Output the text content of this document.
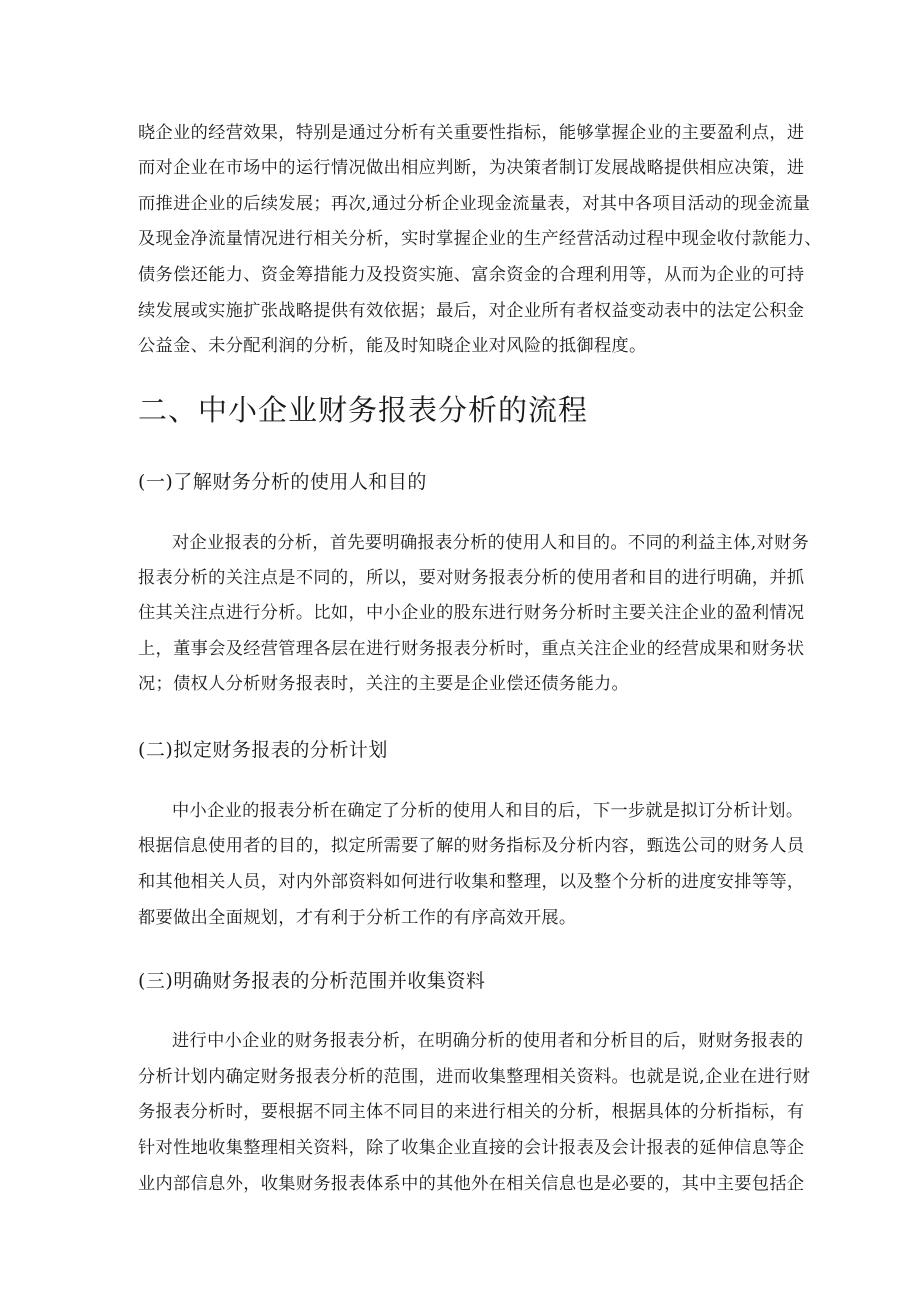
晓企业的经营效果，特别是通过分析有关重要性指标，能够掌握企业的主要盈利点，进
而对企业在市场中的运行情况做出相应判断，为决策者制订发展战略提供相应决策，进
而推进企业的后续发展；再次,通过分析企业现金流量表，对其中各项目活动的现金流量
及现金净流量情况进行相关分析，实时掌握企业的生产经营活动过程中现金收付款能力、
债务偿还能力、资金筹措能力及投资实施、富余资金的合理利用等，从而为企业的可持
续发展或实施扩张战略提供有效依据；最后，对企业所有者权益变动表中的法定公积金
公益金、未分配利润的分析，能及时知晓企业对风险的抵御程度。
二、中小企业财务报表分析的流程
(一)了解财务分析的使用人和目的
对企业报表的分析，首先要明确报表分析的使用人和目的。不同的利益主体,对财务
报表分析的关注点是不同的，所以，要对财务报表分析的使用者和目的进行明确，并抓
住其关注点进行分析。比如，中小企业的股东进行财务分析时主要关注企业的盈利情况
上，董事会及经营管理各层在进行财务报表分析时，重点关注企业的经营成果和财务状
况；债权人分析财务报表时，关注的主要是企业偿还债务能力。
(二)拟定财务报表的分析计划
中小企业的报表分析在确定了分析的使用人和目的后，下一步就是拟订分析计划。
根据信息使用者的目的，拟定所需要了解的财务指标及分析内容，甄选公司的财务人员
和其他相关人员，对内外部资料如何进行收集和整理，以及整个分析的进度安排等等，
都要做出全面规划，才有利于分析工作的有序高效开展。
(三)明确财务报表的分析范围并收集资料
进行中小企业的财务报表分析，在明确分析的使用者和分析目的后，财财务报表的
分析计划内确定财务报表分析的范围，进而收集整理相关资料。也就是说,企业在进行财
务报表分析时，要根据不同主体不同目的来进行相关的分析，根据具体的分析指标，有
针对性地收集整理相关资料，除了收集企业直接的会计报表及会计报表的延伸信息等企
业内部信息外，收集财务报表体系中的其他外在相关信息也是必要的，其中主要包括企
